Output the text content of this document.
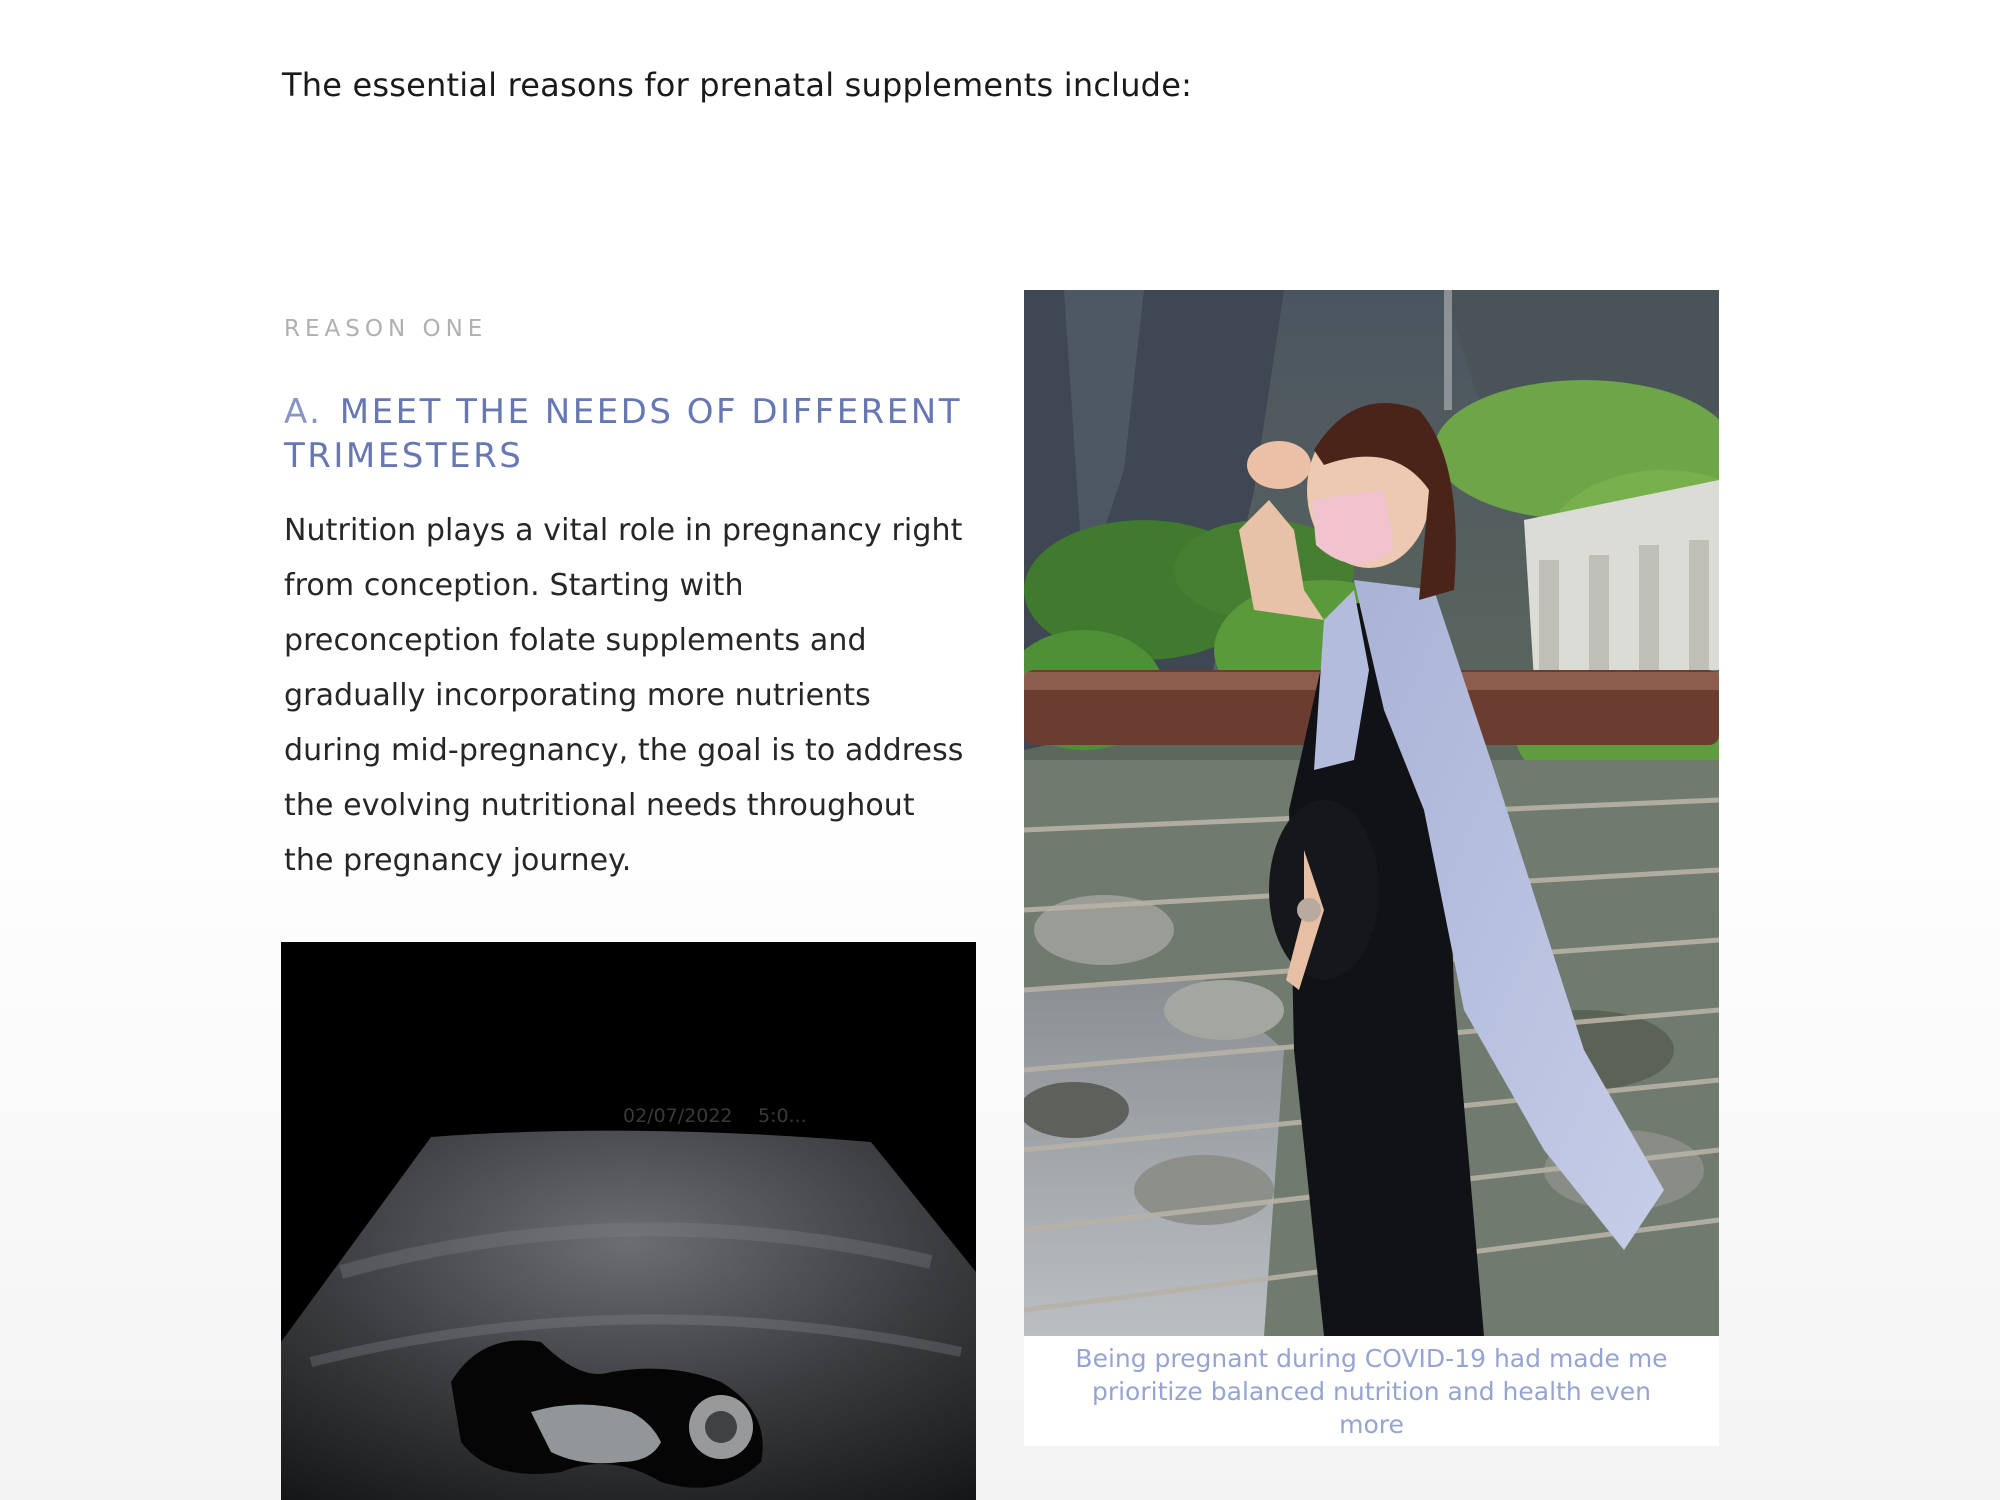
The essential reasons for prenatal supplements include:
REASON ONE
A. MEET THE NEEDS OF DIFFERENT TRIMESTERS
Nutrition plays a vital role in pregnancy right from conception. Starting with preconception folate supplements and gradually incorporating more nutrients during mid-pregnancy, the goal is to address the evolving nutritional needs throughout the pregnancy journey.
Being pregnant during COVID-19 had made me prioritize balanced nutrition and health even more
02/07/2022 5:0...
